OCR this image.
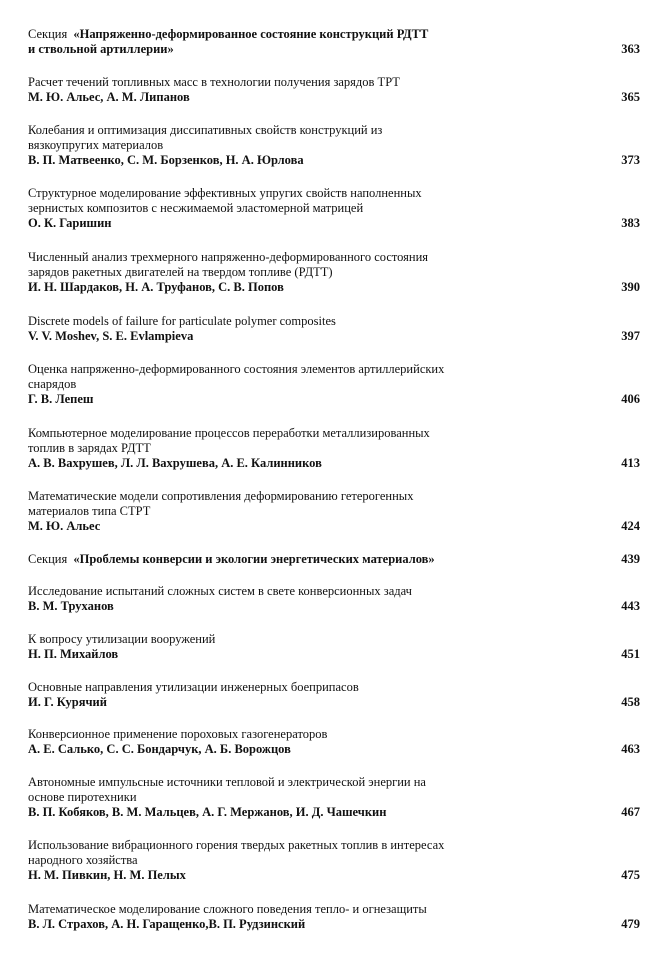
Секция «Напряженно-деформированное состояние конструкций РДТТ
и ствольной артиллерии»	363
Расчет течений топливных масс в технологии получения зарядов ТРТ
М. Ю. Альес, А. М. Липанов	365
Колебания и оптимизация диссипативных свойств конструкций из
вязкоупругих материалов
В. П. Матвеенко, С. М. Борзенков, Н. А. Юрлова	373
Структурное моделирование эффективных упругих свойств наполненных
зернистых композитов с несжимаемой эластомерной матрицей
О. К. Гаришин	383
Численный анализ трехмерного напряженно-деформированного состояния
зарядов ракетных двигателей на твердом топливе (РДТТ)
И. Н. Шардаков, Н. А. Труфанов, С. В. Попов	390
Discrete models of failure for particulate polymer composites
V. V. Moshev, S. E. Evlampieva	397
Оценка напряженно-деформированного состояния элементов артиллерийских
снарядов
Г. В. Лепеш	406
Компьютерное моделирование процессов переработки металлизированных
топлив в зарядах РДТТ
А. В. Вахрушев, Л. Л. Вахрушева, А. Е. Калинников	413
Математические модели сопротивления деформированию гетерогенных
материалов типа СТРТ
М. Ю. Альес	424
Секция «Проблемы конверсии и экологии энергетических материалов»	439
Исследование испытаний сложных систем в свете конверсионных задач
В. М. Труханов	443
К вопросу утилизации вооружений
Н. П. Михайлов	451
Основные направления утилизации инженерных боеприпасов
И. Г. Курячий	458
Конверсионное применение пороховых газогенераторов
А. Е. Салько, С. С. Бондарчук, А. Б. Ворожцов	463
Автономные импульсные источники тепловой и электрической энергии на
основе пиротехники
В. П. Кобяков, В. М. Мальцев, А. Г. Мержанов, И. Д. Чашечкин	467
Использование вибрационного горения твердых ракетных топлив в интересах
народного хозяйства
Н. М. Пивкин, Н. М. Пелых	475
Математическое моделирование сложного поведения тепло- и огнезащиты
В. Л. Страхов, А. Н. Гаращенко,В. П. Рудзинский	479
